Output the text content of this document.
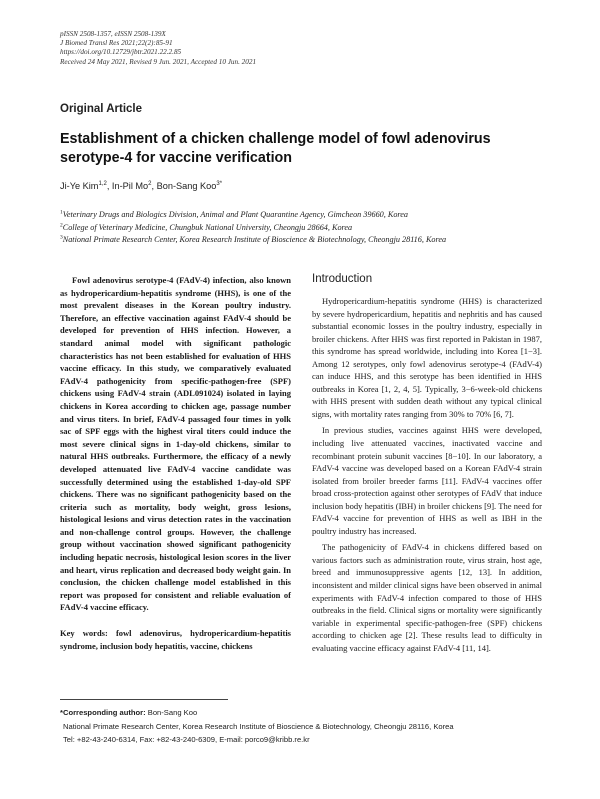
pISSN 2508-1357, eISSN 2508-139X
J Biomed Transl Res 2021;22(2):85-91
https://doi.org/10.12729/jbtr.2021.22.2.85
Received 24 May 2021, Revised 9 Jun. 2021, Accepted 10 Jun. 2021
Original Article
Establishment of a chicken challenge model of fowl adenovirus serotype-4 for vaccine verification
Ji-Ye Kim$^{1,2}$, In-Pil Mo$^2$, Bon-Sang Koo$^{3*}$
$^1$Veterinary Drugs and Biologics Division, Animal and Plant Quarantine Agency, Gimcheon 39660, Korea
$^2$College of Veterinary Medicine, Chungbuk National University, Cheongju 28664, Korea
$^3$National Primate Research Center, Korea Research Institute of Bioscience & Biotechnology, Cheongju 28116, Korea

Fowl adenovirus serotype-4 (FAdV-4) infection, also known as hydropericardium-hepatitis syndrome (HHS), is one of the most prevalent diseases in the Korean poultry industry. Therefore, an effective vaccination against FAdV-4 should be developed for prevention of HHS infection. However, a standard animal model with significant pathologic characteristics has not been established for evaluation of HHS vaccine efficacy. In this study, we comparatively evaluated FAdV-4 pathogenicity from specific-pathogen-free (SPF) chickens using FAdV-4 strain (ADL091024) isolated in laying chickens in Korea according to chicken age, passage number and virus titers. In brief, FAdV-4 passaged four times in yolk sac of SPF eggs with the highest viral titers could induce the most severe clinical signs in 1-day-old chickens, similar to natural HHS outbreaks. Furthermore, the efficacy of a newly developed attenuated live FAdV-4 vaccine candidate was successfully determined using the established 1-day-old SPF chickens. There was no significant pathogenicity based on the criteria such as mortality, body weight, gross lesions, histological lesions and virus detection rates in the vaccination and non-challenge control groups. However, the challenge group without vaccination showed significant pathogenicity including hepatic necrosis, histological lesion scores in the liver and heart, virus replication and decreased body weight gain. In conclusion, the chicken challenge model established in this report was proposed for consistent and reliable evaluation of FAdV-4 vaccine efficacy.

Key words: fowl adenovirus, hydropericardium-hepatitis syndrome, inclusion body hepatitis, vaccine, chickens

Introduction

Hydropericardium-hepatitis syndrome (HHS) is characterized by severe hydropericardium, hepatitis and nephritis and has caused substantial economic losses in the poultry industry, especially in broiler chickens. After HHS was first reported in Pakistan in 1987, this syndrome has spread worldwide, including into Korea [1−3]. Among 12 serotypes, only fowl adenovirus serotype-4 (FAdV-4) can induce HHS, and this serotype has been identified in HHS outbreaks in Korea [1, 2, 4, 5]. Typically, 3−6-week-old chickens with HHS present with sudden death without any typical clinical signs, with mortality rates ranging from 30% to 70% [6, 7].

In previous studies, vaccines against HHS were developed, including live attenuated vaccines, inactivated vaccine and recombinant protein subunit vaccines [8−10]. In our laboratory, a FAdV-4 vaccine was developed based on a Korean FAdV-4 strain isolated from broiler breeder farms [11]. FAdV-4 vaccines offer broad cross-protection against other serotypes of FAdV that induce inclusion body hepatitis (IBH) in broiler chickens [9]. The need for FAdV-4 vaccine for prevention of HHS as well as IBH in the poultry industry has increased.

The pathogenicity of FAdV-4 in chickens differed based on various factors such as administration route, virus strain, host age, breed and immunosuppressive agents [12, 13]. In addition, inconsistent and milder clinical signs have been observed in animal experiments with FAdV-4 infection compared to those of HHS outbreaks in the field. Clinical signs or mortality were significantly variable in experimental specific-pathogen-free (SPF) chickens according to chicken age [2]. These results lead to difficulty in evaluating vaccine efficacy against FAdV-4 [11, 14].

*Corresponding author: Bon-Sang Koo
National Primate Research Center, Korea Research Institute of Bioscience & Biotechnology, Cheongju 28116, Korea
Tel: +82-43-240-6314, Fax: +82-43-240-6309, E-mail: porco9@kribb.re.kr
